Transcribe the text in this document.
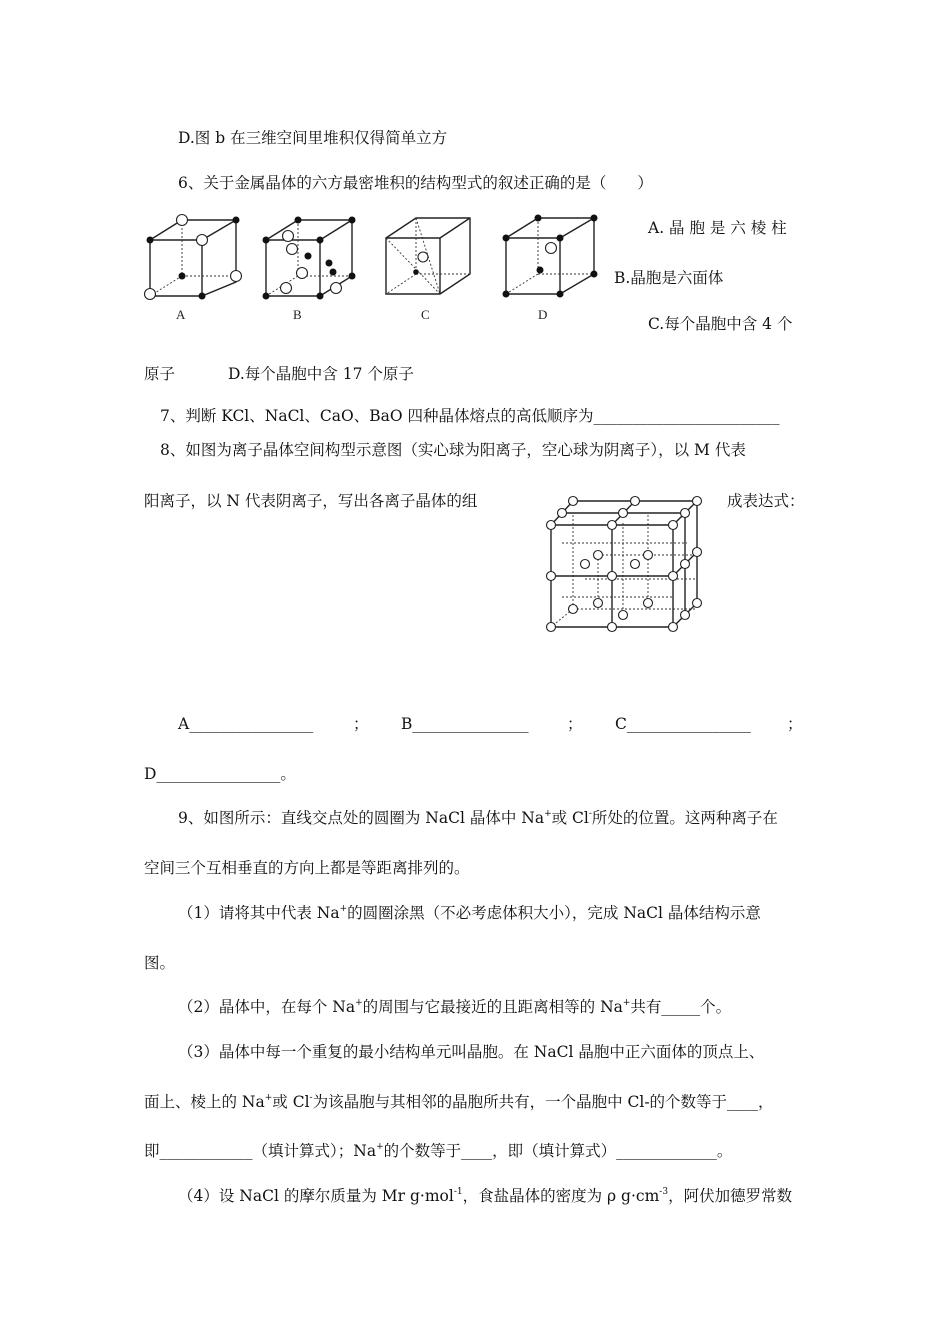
D.图 b 在三维空间里堆积仅得简单立方
6、关于金属晶体的六方最密堆积的结构型式的叙述正确的是（　　）
A	B	C	D
A. 晶 胞 是 六 棱 柱
B.晶胞是六面体
C.每个晶胞中含 4 个
原子	D.每个晶胞中含 17 个原子
7、判断 KCl、NaCl、CaO、BaO 四种晶体熔点的高低顺序为________________________
8、如图为离子晶体空间构型示意图（实心球为阳离子，空心球为阴离子），以 M 代表
阳离子，以 N 代表阴离子，写出各离子晶体的组	成表达式：
A________________	； B_______________ ； C________________ ；
D________________。
9、如图所示：直线交点处的圆圈为 NaCl 晶体中 Na+或 Cl-所处的位置。这两种离子在
空间三个互相垂直的方向上都是等距离排列的。
（1）请将其中代表 Na+的圆圈涂黑（不必考虑体积大小），完成 NaCl 晶体结构示意
图。
（2）晶体中，在每个 Na+的周围与它最接近的且距离相等的 Na+共有_____个。
（3）晶体中每一个重复的最小结构单元叫晶胞。在 NaCl 晶胞中正六面体的顶点上、
面上、棱上的 Na+或 Cl-为该晶胞与其相邻的晶胞所共有，一个晶胞中 Cl-的个数等于____，
即____________（填计算式）；Na+的个数等于____，即（填计算式）_____________。
（4）设 NaCl 的摩尔质量为 Mr g·mol$^{-1}$，食盐晶体的密度为 ρ $g\cdot cm^{-3}$，阿伏加德罗常数
